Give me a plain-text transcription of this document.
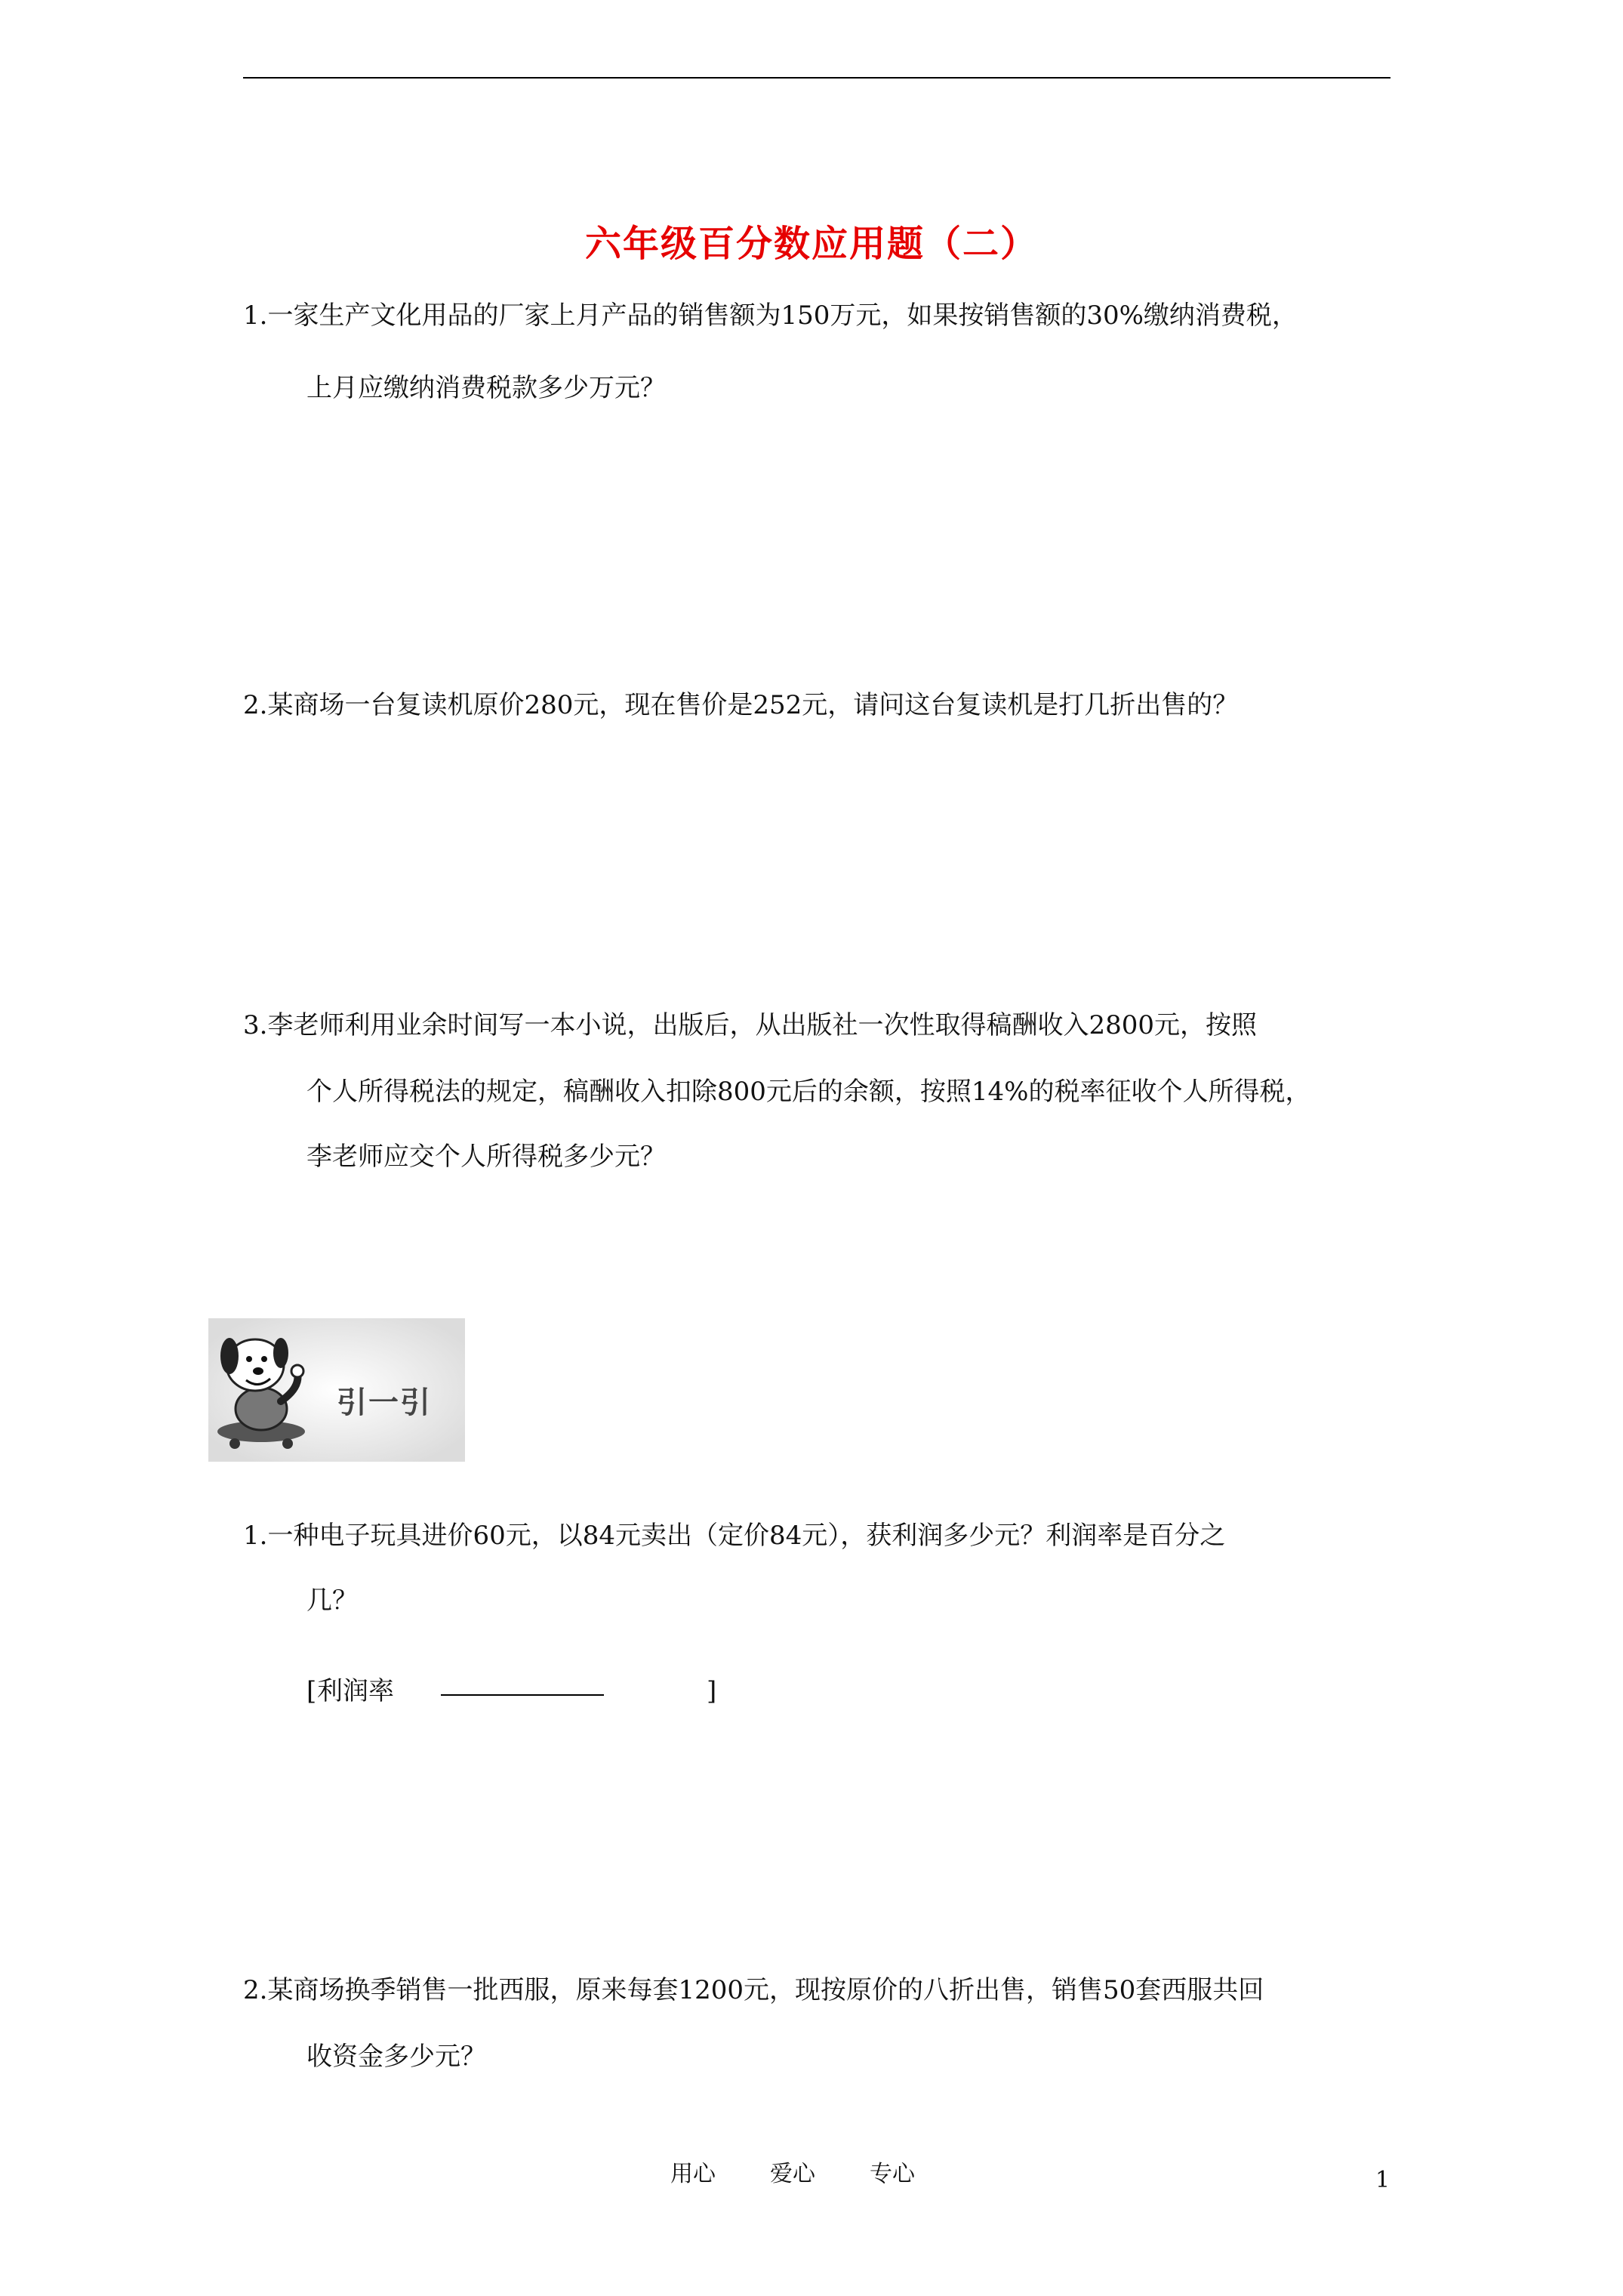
六年级百分数应用题（二）
1.一家生产文化用品的厂家上月产品的销售额为150万元，如果按销售额的30%缴纳消费税，
上月应缴纳消费税款多少万元？
2.某商场一台复读机原价280元，现在售价是252元，请问这台复读机是打几折出售的？
3.李老师利用业余时间写一本小说，出版后，从出版社一次性取得稿酬收入2800元，按照
个人所得税法的规定，稿酬收入扣除800元后的余额，按照14%的税率征收个人所得税，
李老师应交个人所得税多少元？
引一引
1.一种电子玩具进价60元，以84元卖出（定价84元），获利润多少元？利润率是百分之
几？
[ 利润率	]
2.某商场换季销售一批西服，原来每套1200元，现按原价的八折出售，销售50套西服共回
收资金多少元？
用心 爱心 专心	1
